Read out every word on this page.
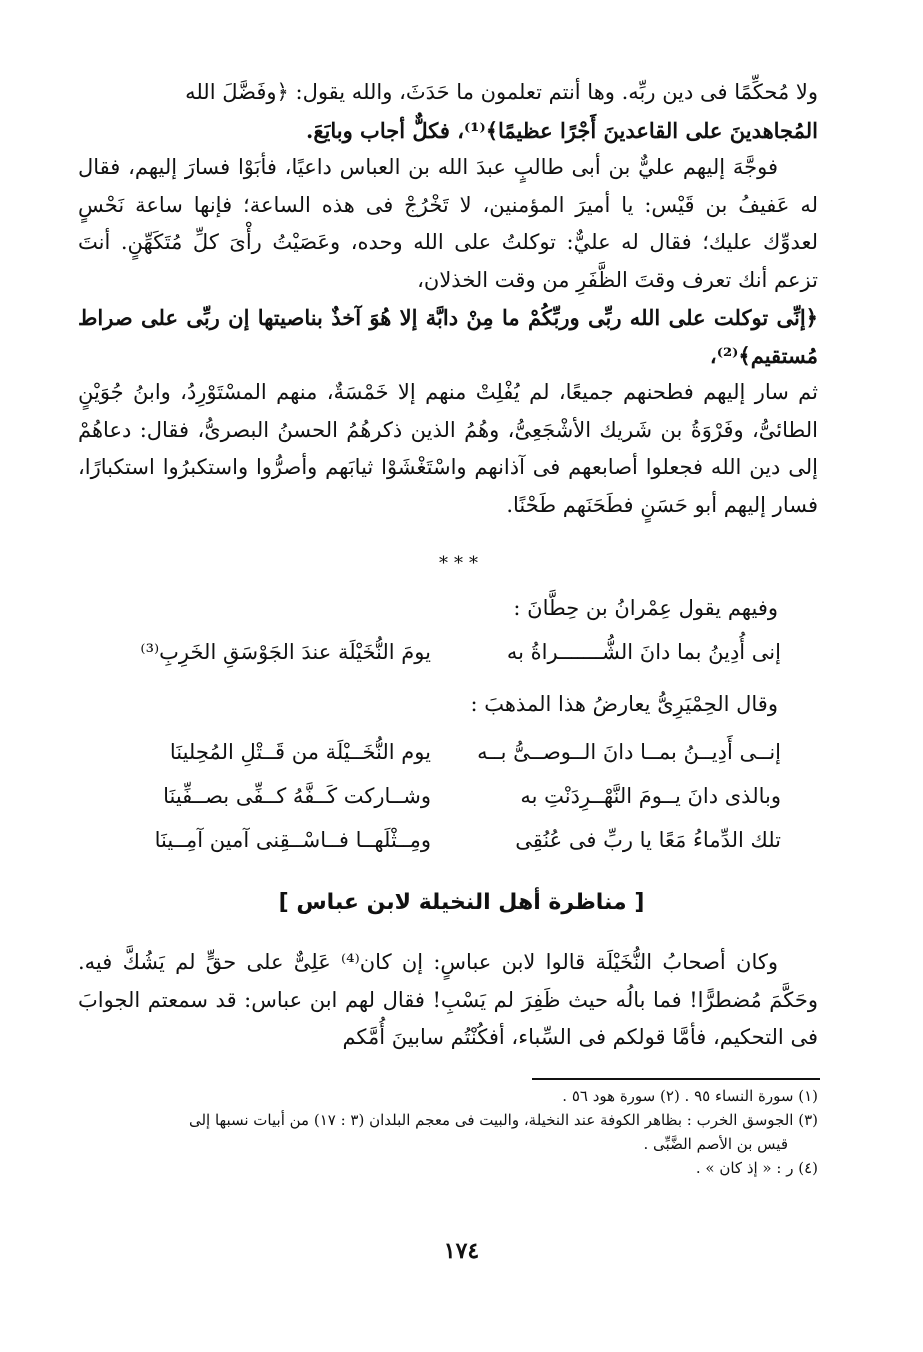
ولا مُحكِّمًا فى دين ربِّه. وها أنتم تعلمون ما حَدَثَ، والله يقول: ﴿وفَضَّلَ الله

المُجاهدينَ على القاعدينَ أَجْرًا عظيمًا﴾⁽¹⁾، فكلٌّ أجاب وبايَعَ.

فوجَّهَ إليهم عليٌّ بن أبى طالبٍ عبدَ الله بن العباس داعيًا، فأبَوْا فسارَ إليهم، فقال له عَفيفُ بن قَيْس: يا أميرَ المؤمنين، لا تَخْرُجْ فى هذه الساعة؛ فإنها ساعة نَحْسٍ لعدوِّك عليك؛ فقال له عليٌّ: توكلتُ على الله وحده، وعَصَيْتُ رأْىَ كلِّ مُتَكَهِّنٍ. أنتَ تزعم أنك تعرف وقتَ الظَّفَرِ من وقت الخذلان،

﴿إنِّى توكلت على الله ربِّى وربِّكُمْ ما مِنْ دابَّة إلا هُوَ آخذٌ بناصيتها إن ربِّى على صراط مُستقيم﴾⁽²⁾،

ثم سار إليهم فطحنهم جميعًا، لم يُفْلِتْ منهم إلا خَمْسَةٌ، منهم المسْتَوْرِدُ، وابنُ جُوَيْنٍ الطائىُّ، وفَرْوَةُ بن شَريك الأشْجَعِىُّ، وهُمُ الذين ذكرهُمُ الحسنُ البصرىُّ، فقال: دعاهُمْ إلى دين الله فجعلوا أصابعهم فى آذانهم واسْتَغْشَوْا ثيابَهم وأصرُّوا واستكبرُوا استكبارًا، فسار إليهم أبو حَسَنٍ فطَحَنَهم طَحْنًا.

***
وفيهم يقول عِمْرانُ بن حِطَّانَ :
إنى أُدِينُ بما دانَ الشُّـــــــراةُ به
يومَ النُّخَيْلَة عندَ الجَوْسَقِ الخَرِبِ⁽³⁾
وقال الحِمْيَرِىُّ يعارضُ هذا المذهبَ :
إنــى أَدِيــنُ بمــا دانَ الــوصــىُّ بــه
يوم النُّخَــيْلَة من قَــتْلِ المُحِلينَا
وبالذى دانَ يــومَ النَّهْــرِدَنْتِ به
وشــاركت كَــفَّهُ كــفِّى بصــفِّينَا
تلك الدِّماءُ مَعًا يا ربِّ فى عُنُقِى
ومِــثْلَهــا فــاسْــقِنى آمين آمِــينَا
[ مناظرة أهل النخيلة لابن عباس ]

وكان أصحابُ النُّخَيْلَة قالوا لابن عباسٍ: إن كان⁽⁴⁾ عَلِىٌّ على حقٍّ لم يَشُكَّ فيه. وحَكَّمَ مُضطرًّا! فما بالُه حيث ظَفِرَ لم يَسْبِ! فقال لهم ابن عباس: قد سمعتم الجوابَ فى التحكيم، فأمَّا قولكم فى السِّباء، أفكُنْتُم سابينَ أُمَّكم

(١) سورة النساء ٩٥ . (٢) سورة هود ٥٦ .
(٣) الجوسق الخرب : بظاهر الكوفة عند النخيلة، والبيت فى معجم البلدان (٣ : ١٧) من أبيات نسبها إلى
قيس بن الأصم الضَّبِّى .
(٤) ر : « إذ كان » .
١٧٤
